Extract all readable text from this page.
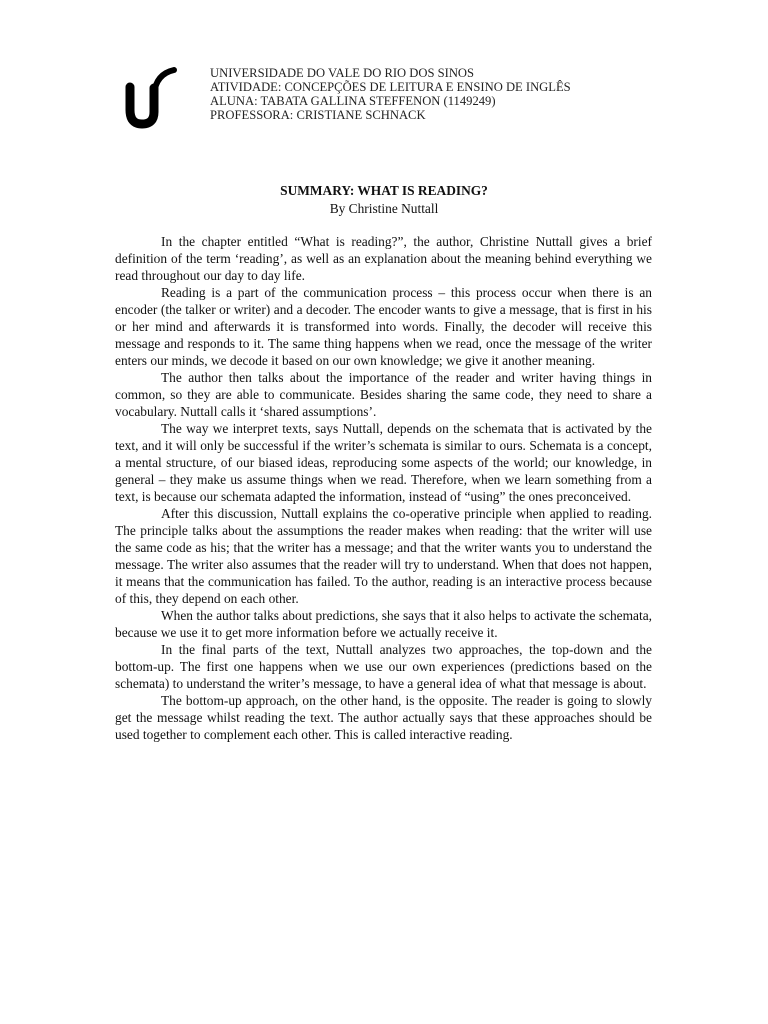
UNIVERSIDADE DO VALE DO RIO DOS SINOS
ATIVIDADE: CONCEPÇÕES DE LEITURA E ENSINO DE INGLÊS
ALUNA: TABATA GALLINA STEFFENON (1149249)
PROFESSORA: CRISTIANE SCHNACK
SUMMARY: WHAT IS READING?
By Christine Nuttall

In the chapter entitled “What is reading?”, the author, Christine Nuttall gives a brief definition of the term ‘reading’, as well as an explanation about the meaning behind everything we read throughout our day to day life.

Reading is a part of the communication process – this process occur when there is an encoder (the talker or writer) and a decoder. The encoder wants to give a message, that is first in his or her mind and afterwards it is transformed into words. Finally, the decoder will receive this message and responds to it. The same thing happens when we read, once the message of the writer enters our minds, we decode it based on our own knowledge; we give it another meaning.

The author then talks about the importance of the reader and writer having things in common, so they are able to communicate. Besides sharing the same code, they need to share a vocabulary. Nuttall calls it ‘shared assumptions’.

The way we interpret texts, says Nuttall, depends on the schemata that is activated by the text, and it will only be successful if the writer’s schemata is similar to ours. Schemata is a concept, a mental structure, of our biased ideas, reproducing some aspects of the world; our knowledge, in general – they make us assume things when we read. Therefore, when we learn something from a text, is because our schemata adapted the information, instead of “using” the ones preconceived.

After this discussion, Nuttall explains the co-operative principle when applied to reading. The principle talks about the assumptions the reader makes when reading: that the writer will use the same code as his; that the writer has a message; and that the writer wants you to understand the message. The writer also assumes that the reader will try to understand. When that does not happen, it means that the communication has failed. To the author, reading is an interactive process because of this, they depend on each other.

When the author talks about predictions, she says that it also helps to activate the schemata, because we use it to get more information before we actually receive it.

In the final parts of the text, Nuttall analyzes two approaches, the top-down and the bottom-up. The first one happens when we use our own experiences (predictions based on the schemata) to understand the writer’s message, to have a general idea of what that message is about.

The bottom-up approach, on the other hand, is the opposite. The reader is going to slowly get the message whilst reading the text. The author actually says that these approaches should be used together to complement each other. This is called interactive reading.
